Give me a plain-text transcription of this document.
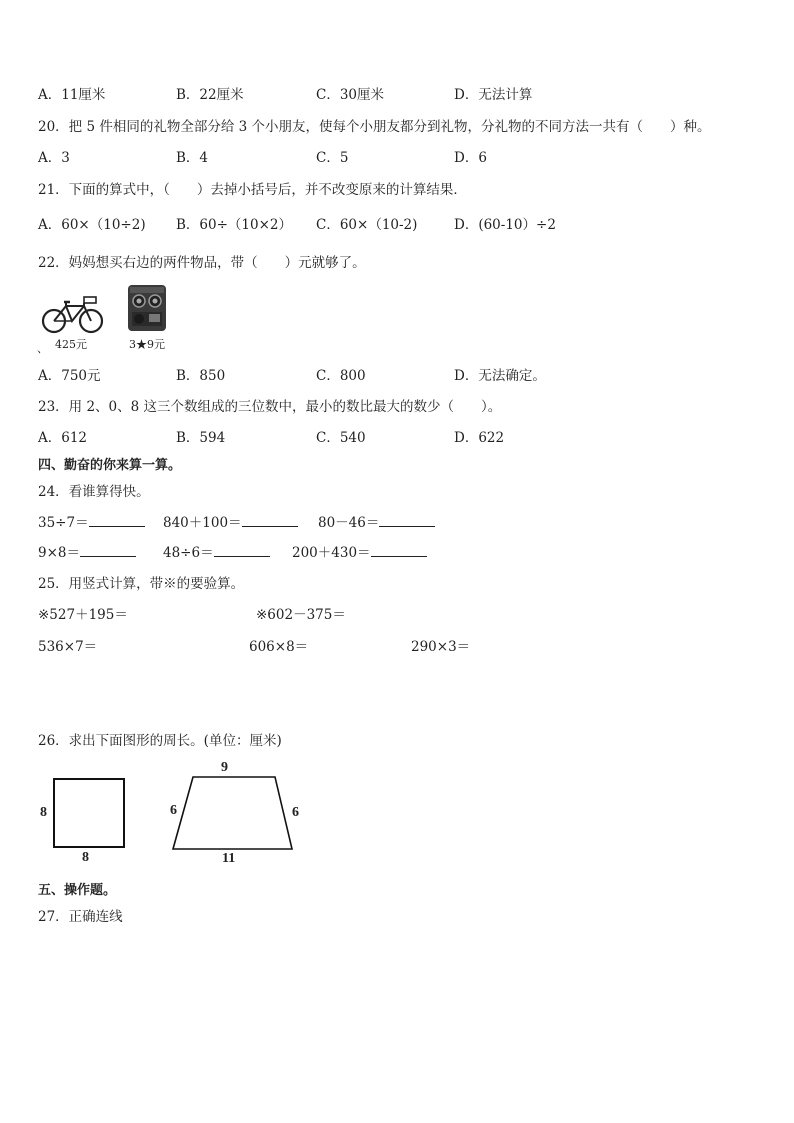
A．11厘米	B．22厘米	C．30厘米	D．无法计算
20．把 5 件相同的礼物全部分给 3 个小朋友，使每个小朋友都分到礼物，分礼物的不同方法一共有（　　）种。
A．3	B．4	C．5	D．6
21．下面的算式中，（　　）去掉小括号后，并不改变原来的计算结果．
A．60×（10÷2) B．60÷（10×2） C．60×（10-2)	D．(60-10）÷2
22．妈妈想买右边的两件物品，带（　　）元就够了。
425元	3★9元
、
A．750元	B．850	C．800	D．无法确定。
23．用 2、0、8 这三个数组成的三位数中，最小的数比最大的数少（　　）。
A．612	B．594	C．540	D．622
四、勤奋的你来算一算。
24．看谁算得快。
35÷7＝	840＋100＝	80－46＝
9×8＝	48÷6＝	200＋430＝
25．用竖式计算，带※的要验算。
※527＋195＝	※602－375＝
536×7＝	606×8＝	290×3＝
26．求出下面图形的周长。(单位：厘米)
8
8
9
6	6
11
五、操作题。
27．正确连线
